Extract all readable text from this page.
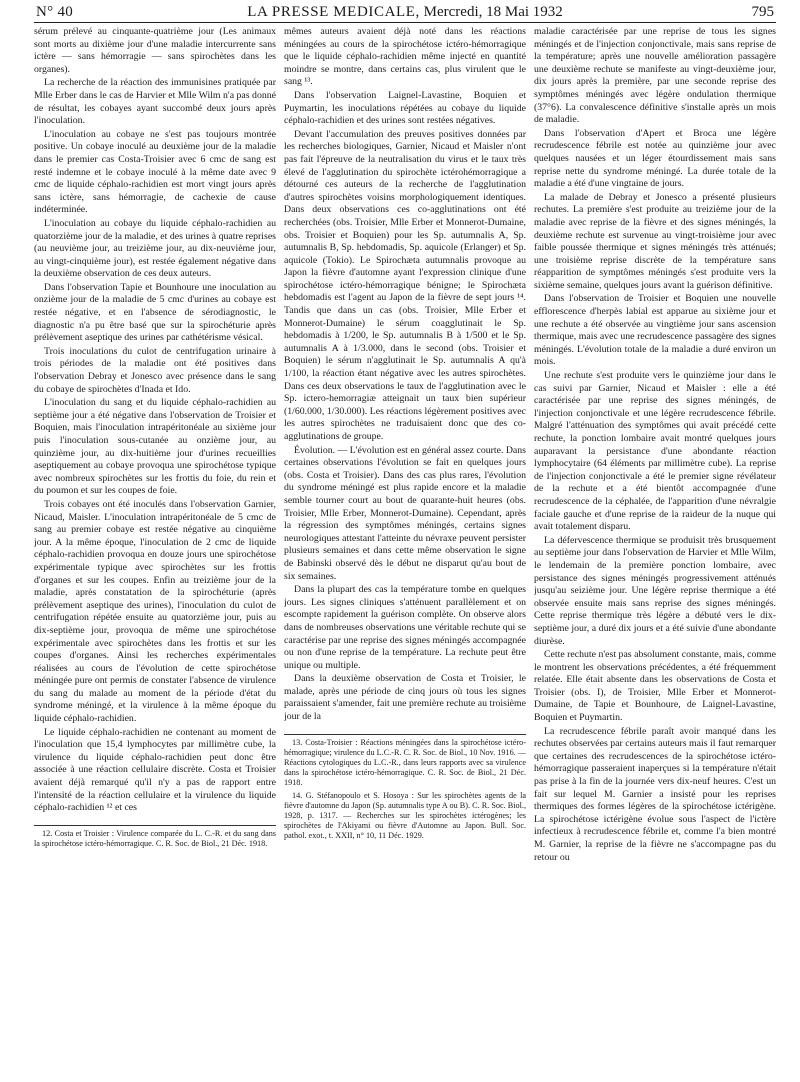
N° 40	LA PRESSE MEDICALE, Mercredi, 18 Mai 1932	795

sérum prélevé au cinquante-quatrième jour (Les animaux sont morts au dixième jour d'une maladie intercurrente sans ictère — sans hémorragie — sans spirochètes dans les organes).

La recherche de la réaction des immunisines pratiquée par Mlle Erber dans le cas de Harvier et Mlle Wilm n'a pas donné de résultat, les cobayes ayant succombé deux jours après l'inoculation.

L'inoculation au cobaye ne s'est pas toujours montrée positive. Un cobaye inoculé au deuxième jour de la maladie dans le premier cas Costa-Troisier avec 6 cmc de sang est resté indemne et le cobaye inoculé à la même date avec 9 cmc de liquide céphalo-rachidien est mort vingt jours après sans ictère, sans hémorragie, de cachexie de cause indéterminée.

L'inoculation au cobaye du liquide céphalo-rachidien au quatorzième jour de la maladie, et des urines à quatre reprises (au neuvième jour, au treizième jour, au dix-neuvième jour, au vingt-cinquième jour), est restée également négative dans la deuxième observation de ces deux auteurs.

Dans l'observation Tapie et Bounhoure une inoculation au onzième jour de la maladie de 5 cmc d'urines au cobaye est restée négative, et en l'absence de sérodiagnostic, le diagnostic n'a pu être basé que sur la spirochéturie après prélèvement aseptique des urines par cathétérisme vésical.

Trois inoculations du culot de centrifugation urinaire à trois périodes de la maladie ont été positives dans l'observation Debray et Jonesco avec présence dans le sang du cobaye de spirochètes d'Inada et Ido.

L'inoculation du sang et du liquide céphalo-rachidien au septième jour a été négative dans l'observation de Troisier et Boquien, mais l'inoculation intrapéritonéale au sixième jour puis l'inoculation sous-cutanée au onzième jour, au quinzième jour, au dix-huitième jour d'urines recueillies aseptiquement au cobaye provoqua une spirochétose typique avec nombreux spirochètes sur les frottis du foie, du rein et du poumon et sur les coupes de foie.

Trois cobayes ont été inoculés dans l'observation Garnier, Nicaud, Maisler. L'inoculation intrapéritonéale de 5 cmc de sang au premier cobaye est restée négative au cinquième jour. A la même époque, l'inoculation de 2 cmc de liquide céphalo-rachidien provoqua en douze jours une spirochétose expérimentale typique avec spirochètes sur les frottis d'organes et sur les coupes. Enfin au treizième jour de la maladie, après constatation de la spirochéturie (après prélèvement aseptique des urines), l'inoculation du culot de centrifugation répétée ensuite au quatorzième jour, puis au dix-septième jour, provoqua de même une spirochétose expérimentale avec spirochètes dans les frottis et sur les coupes d'organes. Ainsi les recherches expérimentales réalisées au cours de l'évolution de cette spirochétose méningée pure ont permis de constater l'absence de virulence du sang du malade au moment de la période d'état du syndrome méningé, et la virulence à la même époque du liquide céphalo-rachidien.

Le liquide céphalo-rachidien ne contenant au moment de l'inoculation que 15,4 lymphocytes par millimètre cube, la virulence du liquide céphalo-rachidien peut donc être associée à une réaction cellulaire discrète. Costa et Troisier avaient déjà remarqué qu'il n'y a pas de rapport entre l'intensité de la réaction cellulaire et la virulence du liquide céphalo-rachidien ¹² et ces

12. Costa et Troisier : Virulence comparée du L. C.-R. et du sang dans la spirochétose ictéro-hémorragique. C. R. Soc. de Biol., 21 Déc. 1918.

mêmes auteurs avaient déjà noté dans les réactions méningées au cours de la spirochétose ictéro-hémorragique que le liquide céphalo-rachidien même injecté en quantité moindre se montre, dans certains cas, plus virulent que le sang ¹³.

Dans l'observation Laignel-Lavastine, Boquien et Puymartin, les inoculations répétées au cobaye du liquide céphalo-rachidien et des urines sont restées négatives.

Devant l'accumulation des preuves positives données par les recherches biologiques, Garnier, Nicaud et Maisler n'ont pas fait l'épreuve de la neutralisation du virus et le taux très élevé de l'agglutination du spirochète ictérohémorragique a détourné ces auteurs de la recherche de l'agglutination d'autres spirochètes voisins morphologiquement identiques. Dans deux observations ces co-agglutinations ont été recherchées (obs. Troisier, Mlle Erber et Monnerot-Dumaine, obs. Troisier et Boquien) pour les Sp. autumnalis A, Sp. autumnalis B, Sp. hebdomadis, Sp. aquicole (Erlanger) et Sp. aquicole (Tokio). Le Spirochæta autumnalis provoque au Japon la fièvre d'automne ayant l'expression clinique d'une spirochétose ictéro-hémorragique bénigne; le Spirochæta hebdomadis est l'agent au Japon de la fièvre de sept jours ¹⁴. Tandis que dans un cas (obs. Troisier, Mlle Erber et Monnerot-Dumaine) le sérum coagglutinait le Sp. hebdomadis à 1/200, le Sp. autumnalis B à 1/500 et le Sp. autumnalis A à 1/3.000, dans le second (obs. Troisier et Boquien) le sérum n'agglutinait le Sp. autumnalis A qu'à 1/100, la réaction étant négative avec les autres spirochètes. Dans ces deux observations le taux de l'agglutination avec le Sp. ictero-hemorragiæ atteignait un taux bien supérieur (1/60.000, 1/30.000). Les réactions légèrement positives avec les autres spirochètes ne traduisaient donc que des co-agglutinations de groupe.

Évolution. — L'évolution est en général assez courte. Dans certaines observations l'évolution se fait en quelques jours (obs. Costa et Troisier). Dans des cas plus rares, l'évolution du syndrome méningé est plus rapide encore et la maladie semble tourner court au bout de quarante-huit heures (obs. Troisier, Mlle Erber, Monnerot-Dumaine). Cependant, après la régression des symptômes méningés, certains signes neurologiques attestant l'atteinte du névraxe peuvent persister plusieurs semaines et dans cette même observation le signe de Babinski observé dès le début ne disparut qu'au bout de six semaines.

Dans la plupart des cas la température tombe en quelques jours. Les signes cliniques s'atténuent parallèlement et on escompte rapidement la guérison complète. On observe alors dans de nombreuses observations une véritable rechute qui se caractérise par une reprise des signes méningés accompagnée ou non d'une reprise de la température. La rechute peut être unique ou multiple.

Dans la deuxième observation de Costa et Troisier, le malade, après une période de cinq jours où tous les signes paraissaient s'amender, fait une première rechute au troisième jour de la

13. Costa-Troisier : Réactions méningées dans la spirochétose ictéro-hémorragique; virulence du L.C.-R. C. R. Soc. de Biol., 10 Nov. 1916. — Réactions cytologiques du L.C.-R., dans leurs rapports avec sa virulence dans la spirochétose ictéro-hémorragique. C. R. Soc. de Biol., 21 Déc. 1918.

14. G. Stéfanopoulo et S. Hosoya : Sur les spirochètes agents de la fièvre d'automne du Japon (Sp. autumnalis type A ou B). C. R. Soc. Biol., 1928, p. 1317. — Recherches sur les spirochètes ictérogènes; les spirochètes de l'Akiyami ou fièvre d'Automne au Japon. Bull. Soc. pathol. exot., t. XXII, n° 10, 11 Déc. 1929.

maladie caractérisée par une reprise de tous les signes méningés et de l'injection conjonctivale, mais sans reprise de la température; après une nouvelle amélioration passagère une deuxième rechute se manifeste au vingt-deuxième jour, dix jours après la première, par une seconde reprise des symptômes méningés avec légère ondulation thermique (37°6). La convalescence définitive s'installe après un mois de maladie.

Dans l'observation d'Apert et Broca une légère recrudescence fébrile est notée au quinzième jour avec quelques nausées et un léger étourdissement mais sans reprise nette du syndrome méningé. La durée totale de la maladie a été d'une vingtaine de jours.

La malade de Debray et Jonesco a présenté plusieurs rechutes. La première s'est produite au treizième jour de la maladie avec reprise de la fièvre et des signes méningés, la deuxième rechute est survenue au vingt-troisième jour avec faible poussée thermique et signes méningés très atténués; une troisième reprise discrète de la température sans réapparition de symptômes méningés s'est produite vers la sixième semaine, quelques jours avant la guérison définitive.

Dans l'observation de Troisier et Boquien une nouvelle efflorescence d'herpès labial est apparue au sixième jour et une rechute a été observée au vingtième jour sans ascension thermique, mais avec une recrudescence passagère des signes méningés. L'évolution totale de la maladie a duré environ un mois.

Une rechute s'est produite vers le quinzième jour dans le cas suivi par Garnier, Nicaud et Maisler : elle a été caractérisée par une reprise des signes méningés, de l'injection conjonctivale et une légère recrudescence fébrile. Malgré l'atténuation des symptômes qui avait précédé cette rechute, la ponction lombaire avait montré quelques jours auparavant la persistance d'une abondante réaction lymphocytaire (64 éléments par millimètre cube). La reprise de l'injection conjonctivale a été le premier signe révélateur de la rechute et a été bientôt accompagnée d'une recrudescence de la céphalée, de l'apparition d'une névralgie faciale gauche et d'une reprise de la raideur de la nuque qui avait totalement disparu.

La défervescence thermique se produisit très brusquement au septième jour dans l'observation de Harvier et Mlle Wilm, le lendemain de la première ponction lombaire, avec persistance des signes méningés progressivement atténués jusqu'au seizième jour. Une légère reprise thermique a été observée ensuite mais sans reprise des signes méningés. Cette reprise thermique très légère a débuté vers le dix-septième jour, a duré dix jours et a été suivie d'une abondante diurèse.

Cette rechute n'est pas absolument constante, mais, comme le montrent les observations précédentes, a été fréquemment relatée. Elle était absente dans les observations de Costa et Troisier (obs. I), de Troisier, Mlle Erber et Monnerot-Dumaine, de Tapie et Bounhoure, de Laignel-Lavastine, Boquien et Puymartin.

La recrudescence fébrile paraît avoir manqué dans les rechutes observées par certains auteurs mais il faut remarquer que certaines des recrudescences de la spirochétose ictéro-hémorragique passeraient inaperçues si la température n'était pas prise à la fin de la journée vers dix-neuf heures. C'est un fait sur lequel M. Garnier a insisté pour les reprises thermiques des formes légères de la spirochétose ictérigène. La spirochétose ictérigène évolue sous l'aspect de l'ictère infectieux à recrudescence fébrile et, comme l'a bien montré M. Garnier, la reprise de la fièvre ne s'accompagne pas du retour ou
